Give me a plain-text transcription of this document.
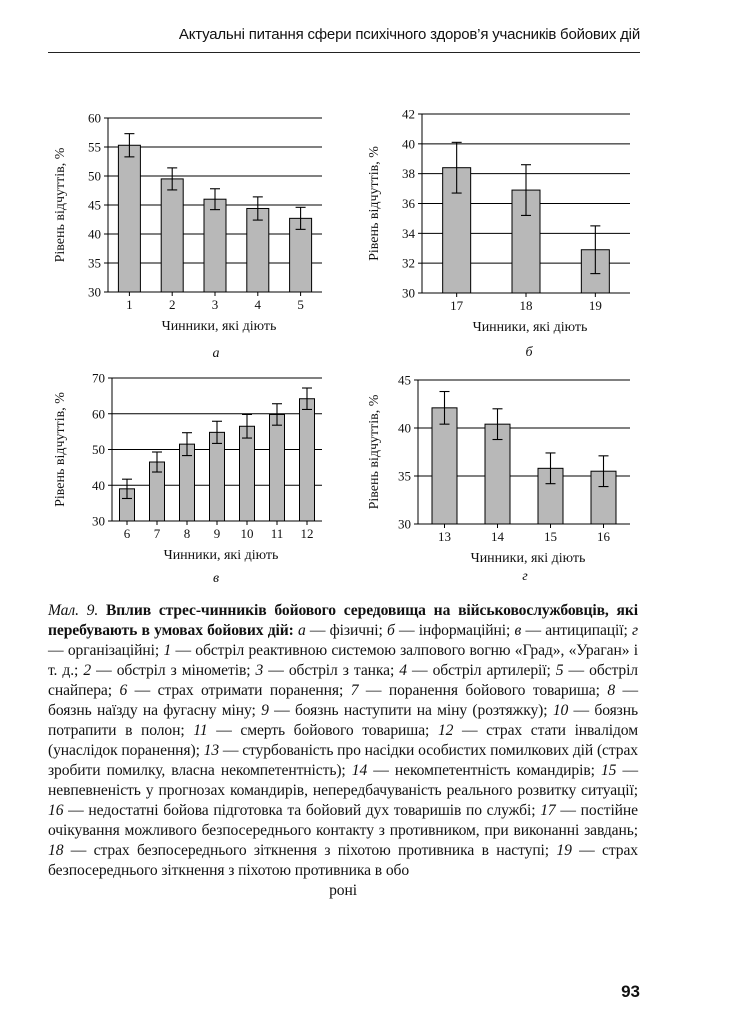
Актуальні питання сфери психічного здоров’я учасників бойових дій
30
35
40
45
50
55
60
1	2	3	4	5
Чинники, які діють
Рівень відчуттів, %
а
30
32
34
36
38
40
42
17	18	19
Чинники, які діють
Рівень відчуттів, %
б
30
40
50
60
70
6 7 8 9 10 11 12
Чинники, які діють
Рівень відчуттів, %
в
30
35
40
45
13	14	15	16
Чинники, які діють
Рівень відчуттів, %
г
Мал. 9. Вплив стрес-чинників бойового середовища на військовослужбовців, які перебувають в умовах бойових дій: а — фізичні; б — інформаційні; в — антиципації; г — організаційні; 1 — обстріл реактивною системою залпового вогню «Град», «Ураган» і т. д.; 2 — обстріл з мінометів; 3 — обстріл з танка; 4 — обстріл артилерії; 5 — обстріл снайпера; 6 — страх отримати поранення; 7 — поранення бойового товариша; 8 — боязнь наїзду на фугасну міну; 9 — боязнь наступити на міну (розтяжку); 10 — боязнь потрапити в полон; 11 — смерть бойового товариша; 12 — страх стати інвалідом (унаслідок поранення); 13 — стурбованість про насідки особистих помилкових дій (страх зробити помилку, власна некомпетентність); 14 — некомпетентність командирів; 15 — невпевненість у прогнозах командирів, непередбачуваність реального розвитку ситуації; 16 — недостатні бойова підготовка та бойовий дух товаришів по службі; 17 — постійне очікування можливого безпосереднього контакту з противником, при виконанні завдань; 18 — страх безпосереднього зіткнення з піхотою противника в наступі; 19 — страх безпосереднього зіткнення з піхотою противника в обо
роні
93
